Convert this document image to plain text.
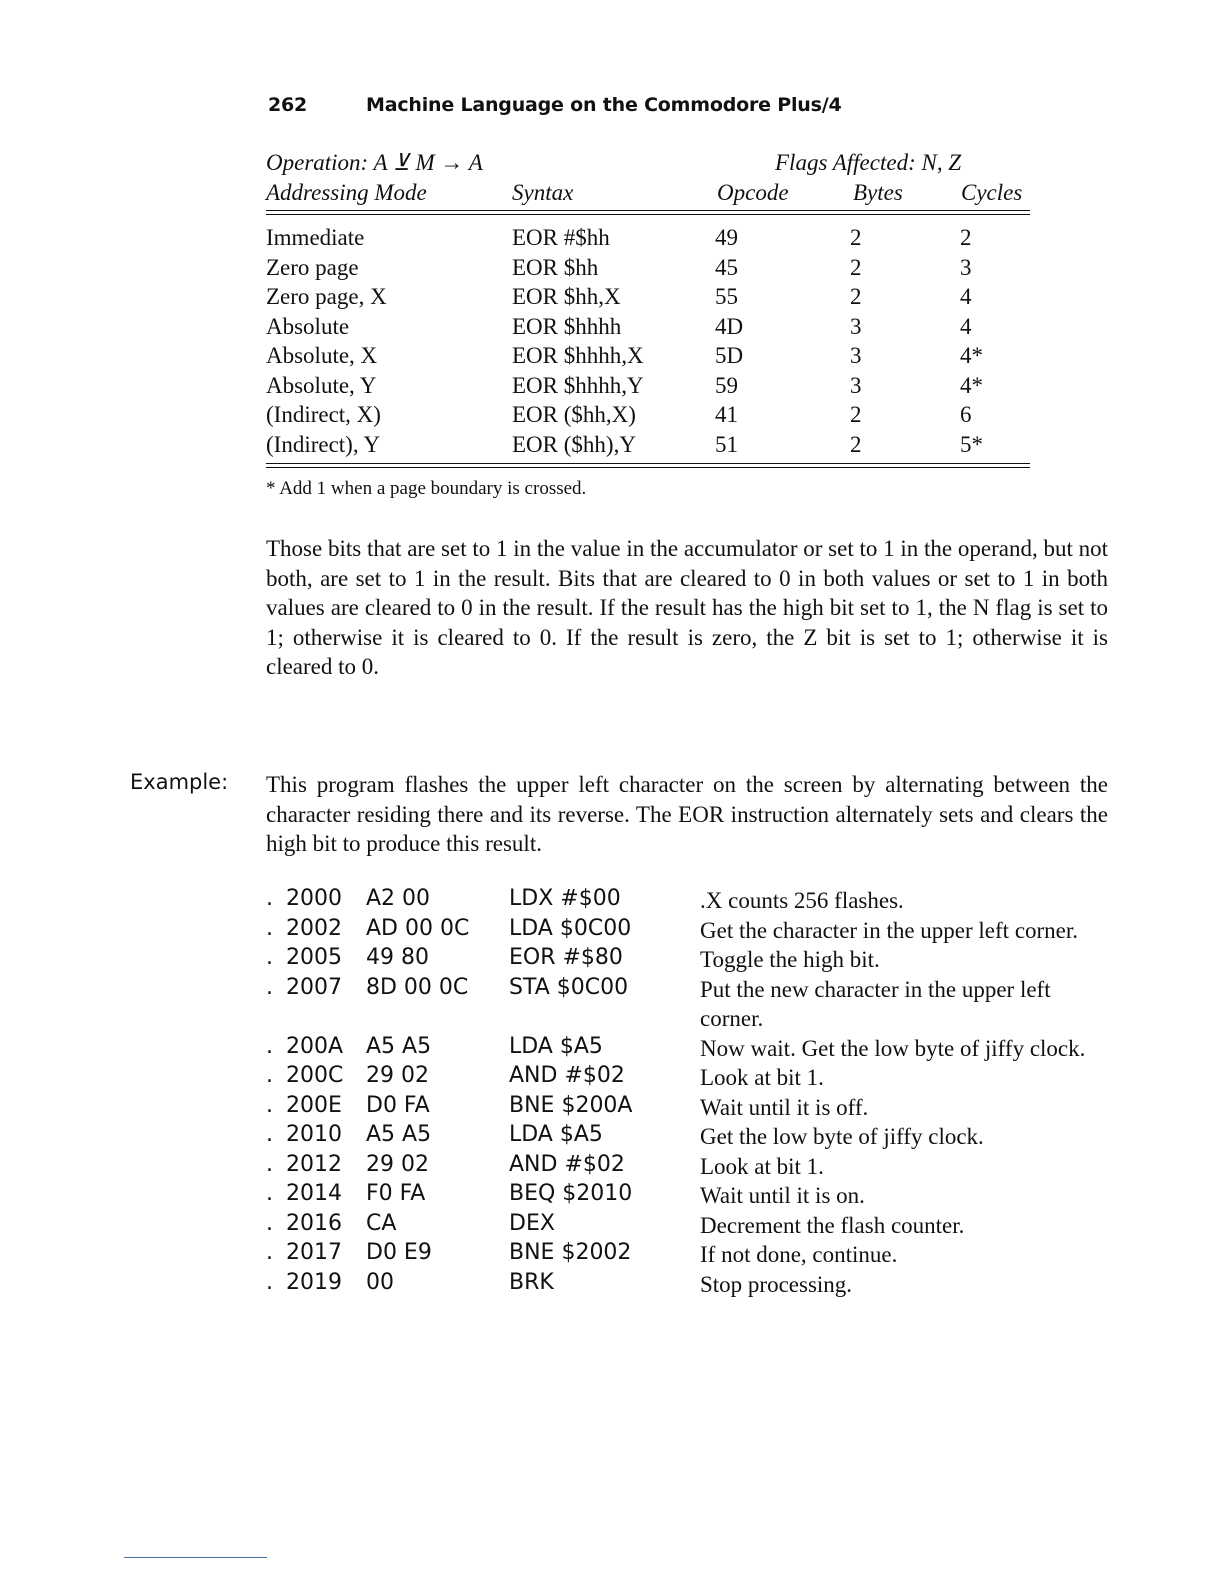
262	Machine Language on the Commodore Plus/4
Operation: A ⊻ M → A	Flags Affected: N, Z
Addressing Mode	Syntax	Opcode	Bytes	Cycles
Immediate	EOR #$hh	49	2	2
Zero page	EOR $hh	45	2	3
Zero page, X	EOR $hh,X	55	2	4
Absolute	EOR $hhhh	4D	3	4
Absolute, X	EOR $hhhh,X	5D	3	4*
Absolute, Y	EOR $hhhh,Y	59	3	4*
(Indirect, X)	EOR ($hh,X)	41	2	6
(Indirect), Y	EOR ($hh),Y	51	2	5*
* Add 1 when a page boundary is crossed.
Those bits that are set to 1 in the value in the accumulator or set to 1 in the operand, but not both, are set to 1 in the result. Bits that are cleared to 0 in both values or set to 1 in both values are cleared to 0 in the result. If the result has the high bit set to 1, the N flag is set to 1; otherwise it is cleared to 0. If the result is zero, the Z bit is set to 1; otherwise it is cleared to 0.
Example: This program flashes the upper left character on the screen by alternating between the character residing there and its reverse. The EOR instruction alternately sets and clears the high bit to produce this result.
. 2000 A2 00	LDX #$00	.X counts 256 flashes.
. 2002 AD 00 0C LDA $0C00	Get the character in the upper left corner.
. 2005 49 80	EOR #$80	Toggle the high bit.
. 2007 8D 00 0C STA $0C00	Put the new character in the upper left corner.
. 200A A5 A5	LDA $A5	Now wait. Get the low byte of jiffy clock.
. 200C 29 02	AND #$02	Look at bit 1.
. 200E D0 FA	BNE $200A	Wait until it is off.
. 2010 A5 A5	LDA $A5	Get the low byte of jiffy clock.
. 2012 29 02	AND #$02	Look at bit 1.
. 2014 F0 FA	BEQ $2010	Wait until it is on.
. 2016 CA	DEX	Decrement the flash counter.
. 2017 D0 E9	BNE $2002	If not done, continue.
. 2019 00	BRK	Stop processing.
